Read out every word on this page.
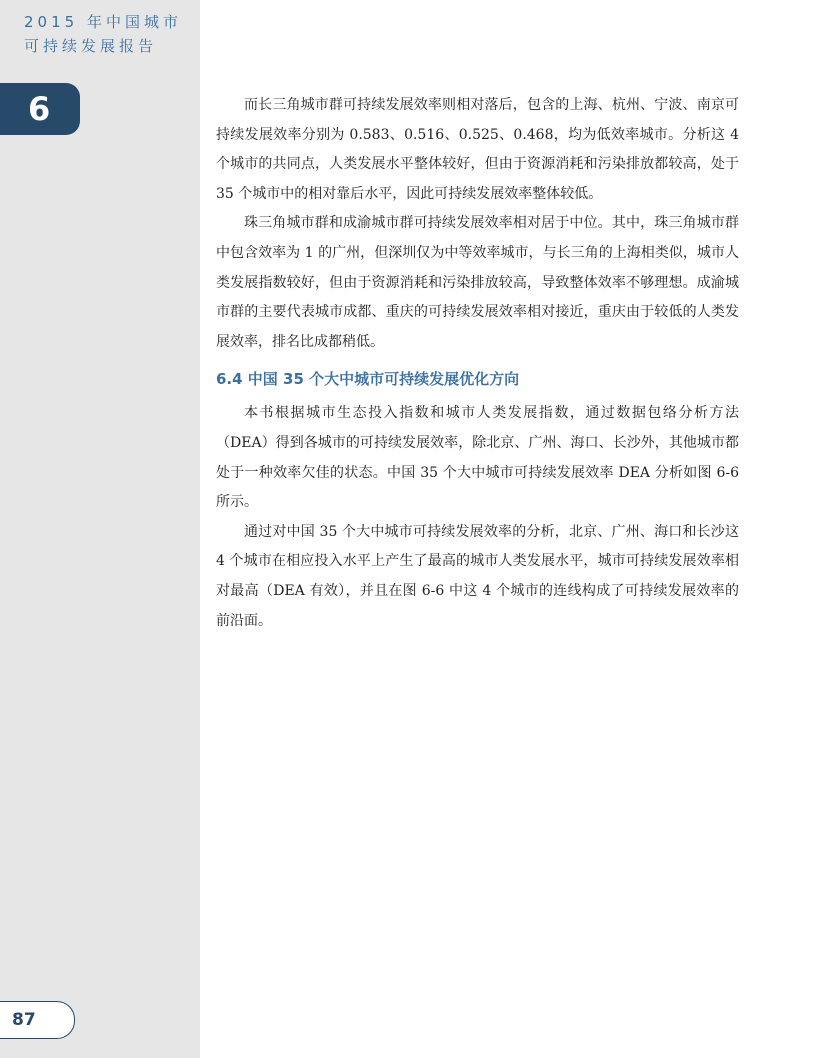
2015 年中国城市
可持续发展报告
6
87

而长三角城市群可持续发展效率则相对落后，包含的上海、杭州、宁波、南京可持续发展效率分别为 0.583、0.516、0.525、0.468，均为低效率城市。分析这 4 个城市的共同点，人类发展水平整体较好，但由于资源消耗和污染排放都较高，处于 35 个城市中的相对靠后水平，因此可持续发展效率整体较低。

珠三角城市群和成渝城市群可持续发展效率相对居于中位。其中，珠三角城市群中包含效率为 1 的广州，但深圳仅为中等效率城市，与长三角的上海相类似，城市人类发展指数较好，但由于资源消耗和污染排放较高，导致整体效率不够理想。成渝城市群的主要代表城市成都、重庆的可持续发展效率相对接近，重庆由于较低的人类发展效率，排名比成都稍低。

6.4 中国 35 个大中城市可持续发展优化方向

本书根据城市生态投入指数和城市人类发展指数，通过数据包络分析方法（DEA）得到各城市的可持续发展效率，除北京、广州、海口、长沙外，其他城市都处于一种效率欠佳的状态。中国 35 个大中城市可持续发展效率 DEA 分析如图 6-6 所示。

通过对中国 35 个大中城市可持续发展效率的分析，北京、广州、海口和长沙这 4 个城市在相应投入水平上产生了最高的城市人类发展水平，城市可持续发展效率相对最高（DEA 有效），并且在图 6-6 中这 4 个城市的连线构成了可持续发展效率的前沿面。
